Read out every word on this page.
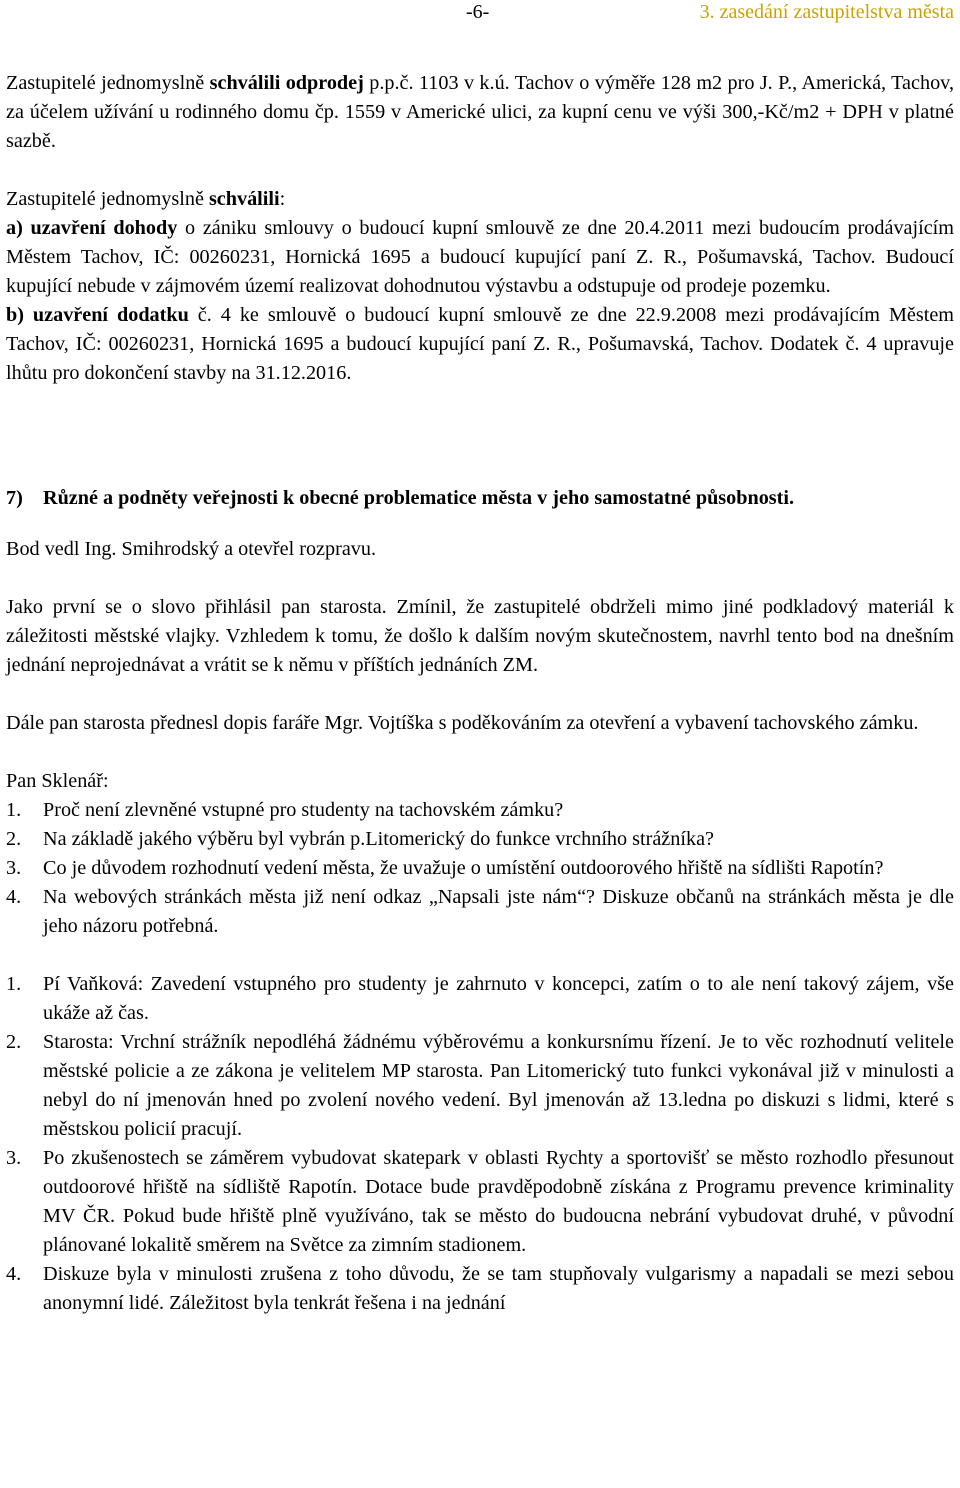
-6-	3. zasedání zastupitelstva města

Zastupitelé jednomyslně schválili odprodej p.p.č. 1103 v k.ú. Tachov o výměře 128 m2 pro J. P., Americká, Tachov, za účelem užívání u rodinného domu čp. 1559 v Americké ulici, za kupní cenu ve výši 300,-Kč/m2 + DPH v platné sazbě.

Zastupitelé jednomyslně schválili:

a) uzavření dohody o zániku smlouvy o budoucí kupní smlouvě ze dne 20.4.2011 mezi budoucím prodávajícím Městem Tachov, IČ: 00260231, Hornická 1695 a budoucí kupující paní Z. R., Pošumavská, Tachov. Budoucí kupující nebude v zájmovém území realizovat dohodnutou výstavbu a odstupuje od prodeje pozemku.

b) uzavření dodatku č. 4 ke smlouvě o budoucí kupní smlouvě ze dne 22.9.2008 mezi prodávajícím Městem Tachov, IČ: 00260231, Hornická 1695 a budoucí kupující paní Z. R., Pošumavská, Tachov. Dodatek č. 4 upravuje lhůtu pro dokončení stavby na 31.12.2016.

7) Různé a podněty veřejnosti k obecné problematice města v jeho samostatné působnosti.

Bod vedl Ing. Smihrodský a otevřel rozpravu.

Jako první se o slovo přihlásil pan starosta. Zmínil, že zastupitelé obdrželi mimo jiné podkladový materiál k záležitosti městské vlajky. Vzhledem k tomu, že došlo k dalším novým skutečnostem, navrhl tento bod na dnešním jednání neprojednávat a vrátit se k němu v příštích jednáních ZM.

Dále pan starosta přednesl dopis faráře Mgr. Vojtíška s poděkováním za otevření a vybavení tachovského zámku.

Pan Sklenář:

1. Proč není zlevněné vstupné pro studenty na tachovském zámku?
2. Na základě jakého výběru byl vybrán p.Litomerický do funkce vrchního strážníka?
3. Co je důvodem rozhodnutí vedení města, že uvažuje o umístění outdoorového hřiště na sídlišti Rapotín?
4. Na webových stránkách města již není odkaz „Napsali jste nám“? Diskuze občanů na stránkách města je dle jeho názoru potřebná.
1. Pí Vaňková: Zavedení vstupného pro studenty je zahrnuto v koncepci, zatím o to ale není takový zájem, vše ukáže až čas.
2. Starosta: Vrchní strážník nepodléhá žádnému výběrovému a konkursnímu řízení. Je to věc rozhodnutí velitele městské policie a ze zákona je velitelem MP starosta. Pan Litomerický tuto funkci vykonával již v minulosti a nebyl do ní jmenován hned po zvolení nového vedení. Byl jmenován až 13.ledna po diskuzi s lidmi, které s městskou policií pracují.
3. Po zkušenostech se záměrem vybudovat skatepark v oblasti Rychty a sportovišť se město rozhodlo přesunout outdoorové hřiště na sídliště Rapotín. Dotace bude pravděpodobně získána z Programu prevence kriminality MV ČR. Pokud bude hřiště plně využíváno, tak se město do budoucna nebrání vybudovat druhé, v původní plánované lokalitě směrem na Světce za zimním stadionem.
4. Diskuze byla v minulosti zrušena z toho důvodu, že se tam stupňovaly vulgarismy a napadali se mezi sebou anonymní lidé. Záležitost byla tenkrát řešena i na jednání
